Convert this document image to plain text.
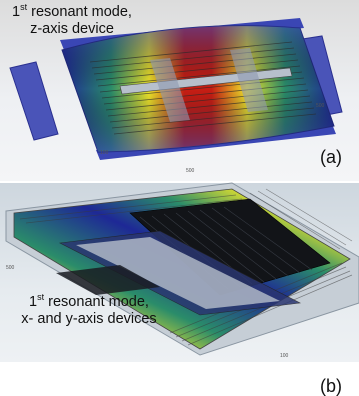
1st resonant mode,
z-axis device
100
500
500
(a)
500
100
(b)
1st resonant mode,
x- and y-axis devices
